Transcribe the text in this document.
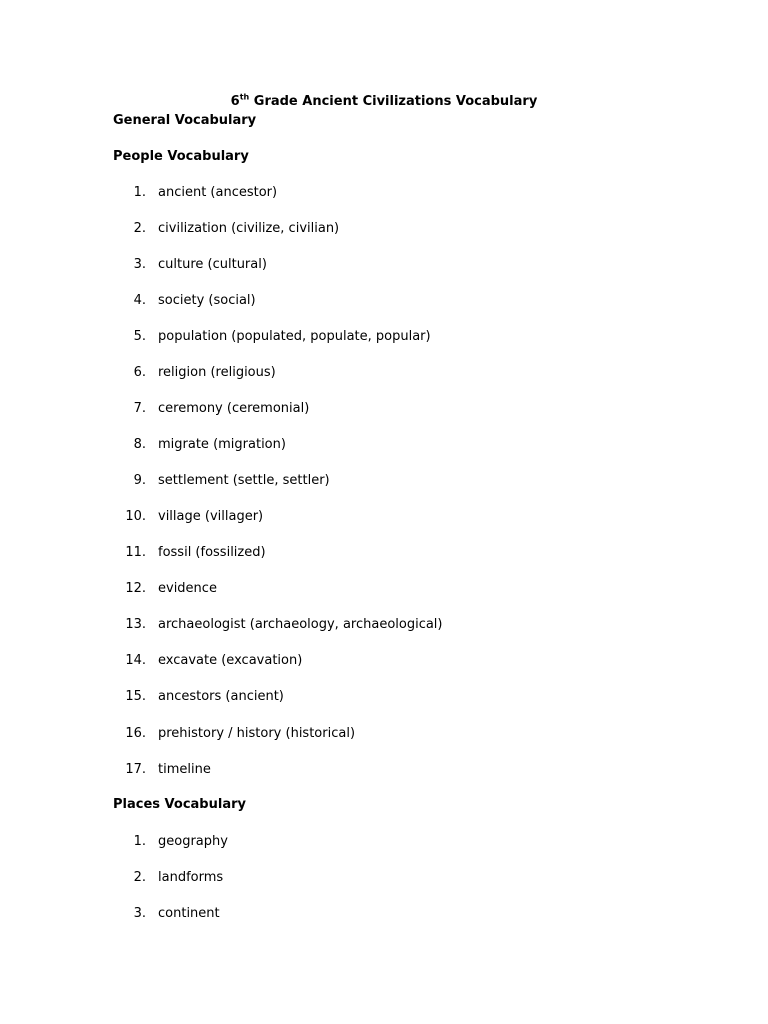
6th Grade Ancient Civilizations Vocabulary
General Vocabulary
People Vocabulary
1. ancient (ancestor)
2. civilization (civilize, civilian)
3. culture (cultural)
4. society (social)
5. population (populated, populate, popular)
6. religion (religious)
7. ceremony (ceremonial)
8. migrate (migration)
9. settlement (settle, settler)
10. village (villager)
11. fossil (fossilized)
12. evidence
13. archaeologist (archaeology, archaeological)
14. excavate (excavation)
15. ancestors (ancient)
16. prehistory / history (historical)
17. timeline
Places Vocabulary
1. geography
2. landforms
3. continent
